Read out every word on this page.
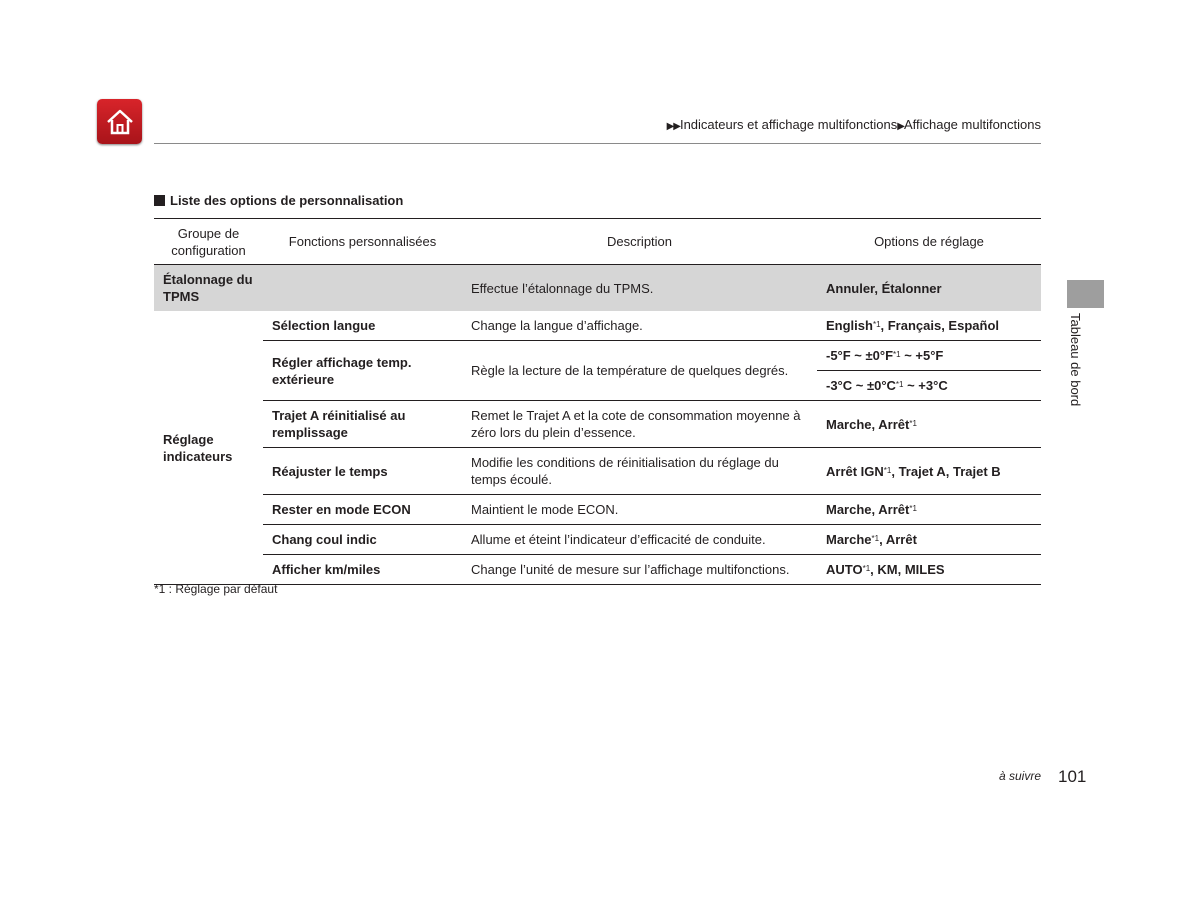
▶▶Indicateurs et affichage multifonctions▶Affichage multifonctions
Liste des options de personnalisation
Groupe de configuration	Fonctions personnalisées	Description	Options de réglage
Étalonnage du TPMS		Effectue l’étalonnage du TPMS.	Annuler, Étalonner
Réglage indicateurs	Sélection langue	Change la langue d’affichage.	English$^{*1}$, Français, Español
	Régler affichage temp. extérieure	Règle la lecture de la température de quelques degrés.	-5°F ~ $\pm 0^\circ F^{*1}$ ~ +5°F
			-3°C ~ $\pm 0^\circ C^{*1}$ ~ +3°C
	Trajet A réinitialisé au remplissage	Remet le Trajet A et la cote de consommation moyenne à zéro lors du plein d’essence.	Marche, Arrêt$^{*1}$
	Réajuster le temps	Modifie les conditions de réinitialisation du réglage du temps écoulé.	Arrêt IGN$^{*1}$, Trajet A, Trajet B
	Rester en mode ECON	Maintient le mode ECON.	Marche, Arrêt$^{*1}$
	Chang coul indic	Allume et éteint l’indicateur d’efficacité de conduite.	Marche$^{*1}$, Arrêt
	Afficher km/miles	Change l’unité de mesure sur l’affichage multifonctions.	AUTO$^{*1}$, KM, MILES
*1 : Réglage par défaut
Tableau de bord
à suivre 101
